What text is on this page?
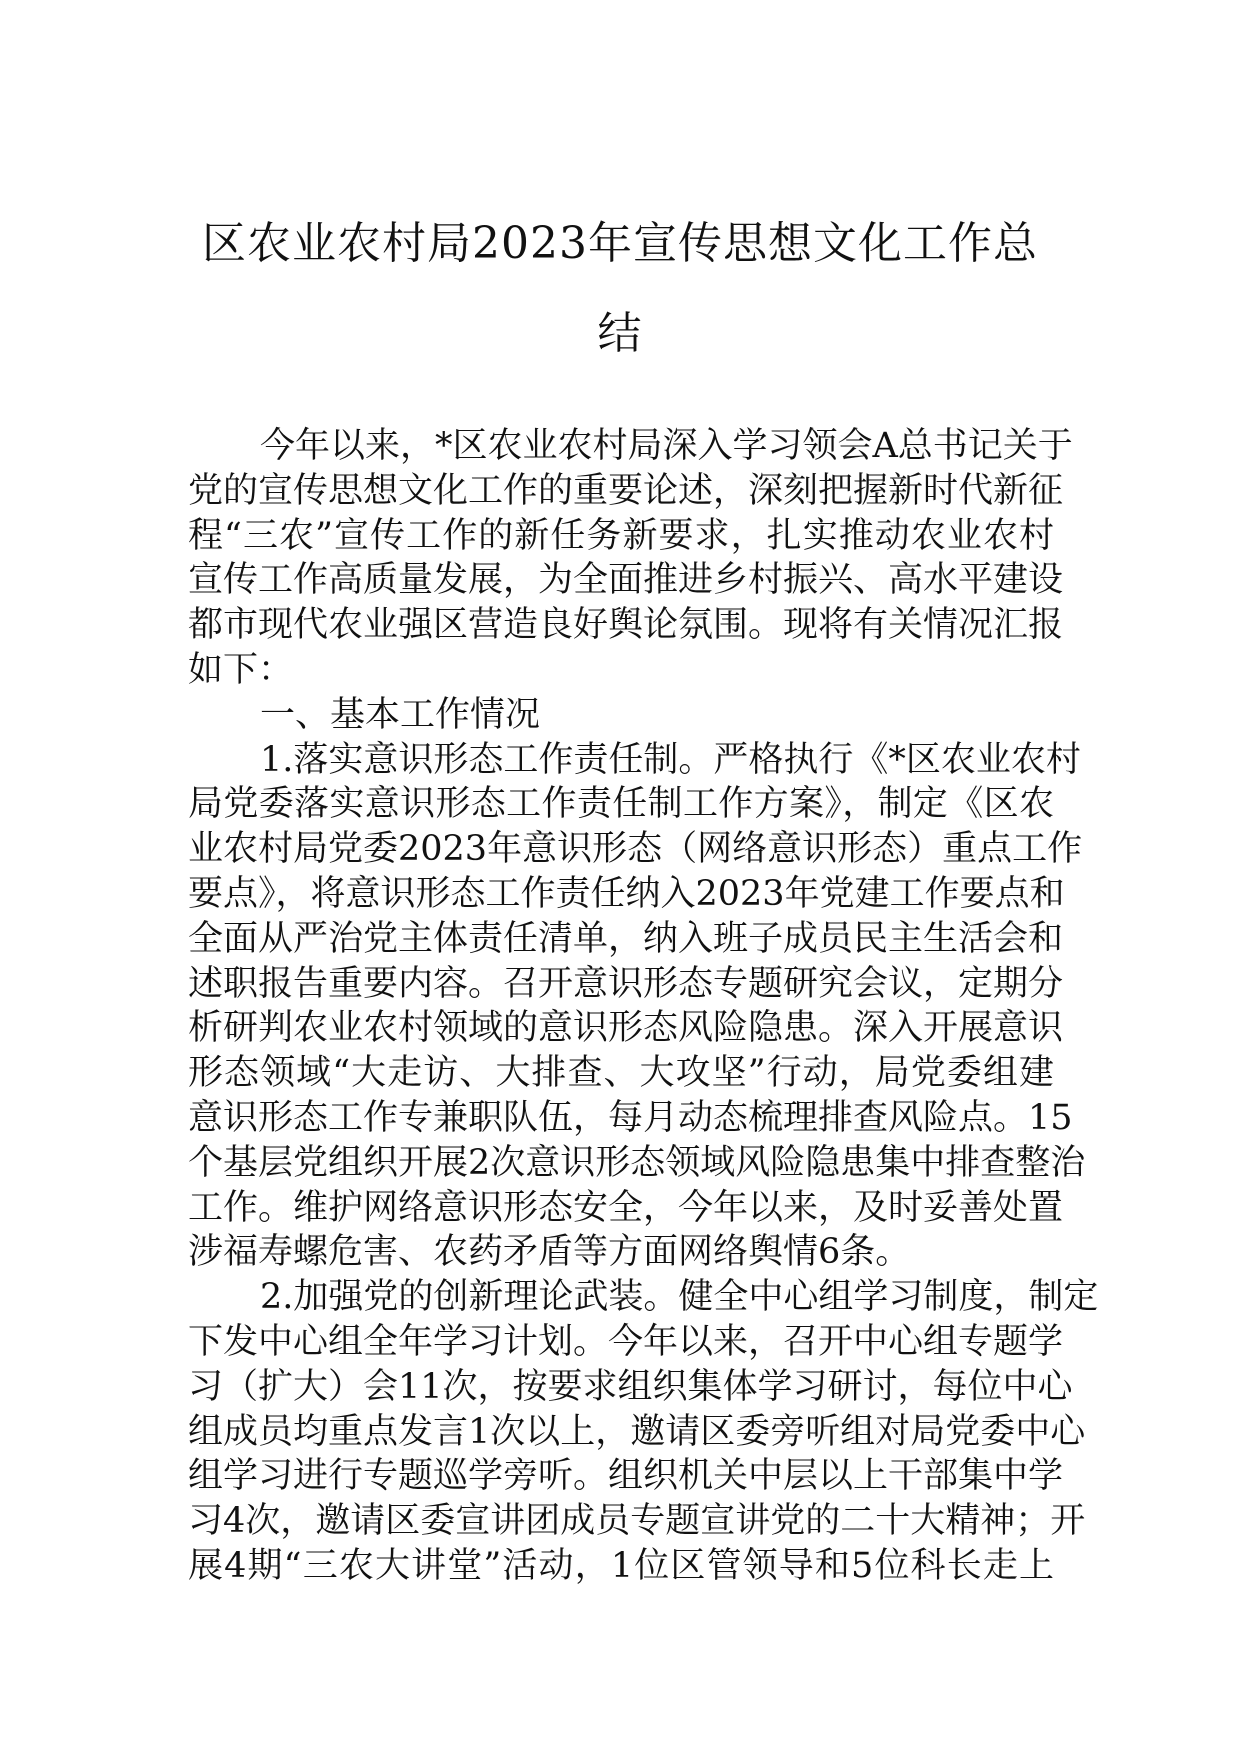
区农业农村局2023年宣传思想文化工作总
结
今年以来，*区农业农村局深入学习领会A总书记关于
党的宣传思想文化工作的重要论述，深刻把握新时代新征
程“三农”宣传工作的新任务新要求，扎实推动农业农村
宣传工作高质量发展，为全面推进乡村振兴、高水平建设
都市现代农业强区营造良好舆论氛围。现将有关情况汇报
如下：
一、基本工作情况
1.落实意识形态工作责任制。严格执行《*区农业农村
局党委落实意识形态工作责任制工作方案》，制定《区农
业农村局党委2023年意识形态（网络意识形态）重点工作
要点》，将意识形态工作责任纳入2023年党建工作要点和
全面从严治党主体责任清单，纳入班子成员民主生活会和
述职报告重要内容。召开意识形态专题研究会议，定期分
析研判农业农村领域的意识形态风险隐患。深入开展意识
形态领域“大走访、大排查、大攻坚”行动，局党委组建
意识形态工作专兼职队伍，每月动态梳理排查风险点。15
个基层党组织开展2次意识形态领域风险隐患集中排查整治
工作。维护网络意识形态安全，今年以来，及时妥善处置
涉福寿螺危害、农药矛盾等方面网络舆情6条。
2.加强党的创新理论武装。健全中心组学习制度，制定
下发中心组全年学习计划。今年以来，召开中心组专题学
习（扩大）会11次，按要求组织集体学习研讨，每位中心
组成员均重点发言1次以上，邀请区委旁听组对局党委中心
组学习进行专题巡学旁听。组织机关中层以上干部集中学
习4次，邀请区委宣讲团成员专题宣讲党的二十大精神；开
展4期“三农大讲堂”活动，1位区管领导和5位科长走上
